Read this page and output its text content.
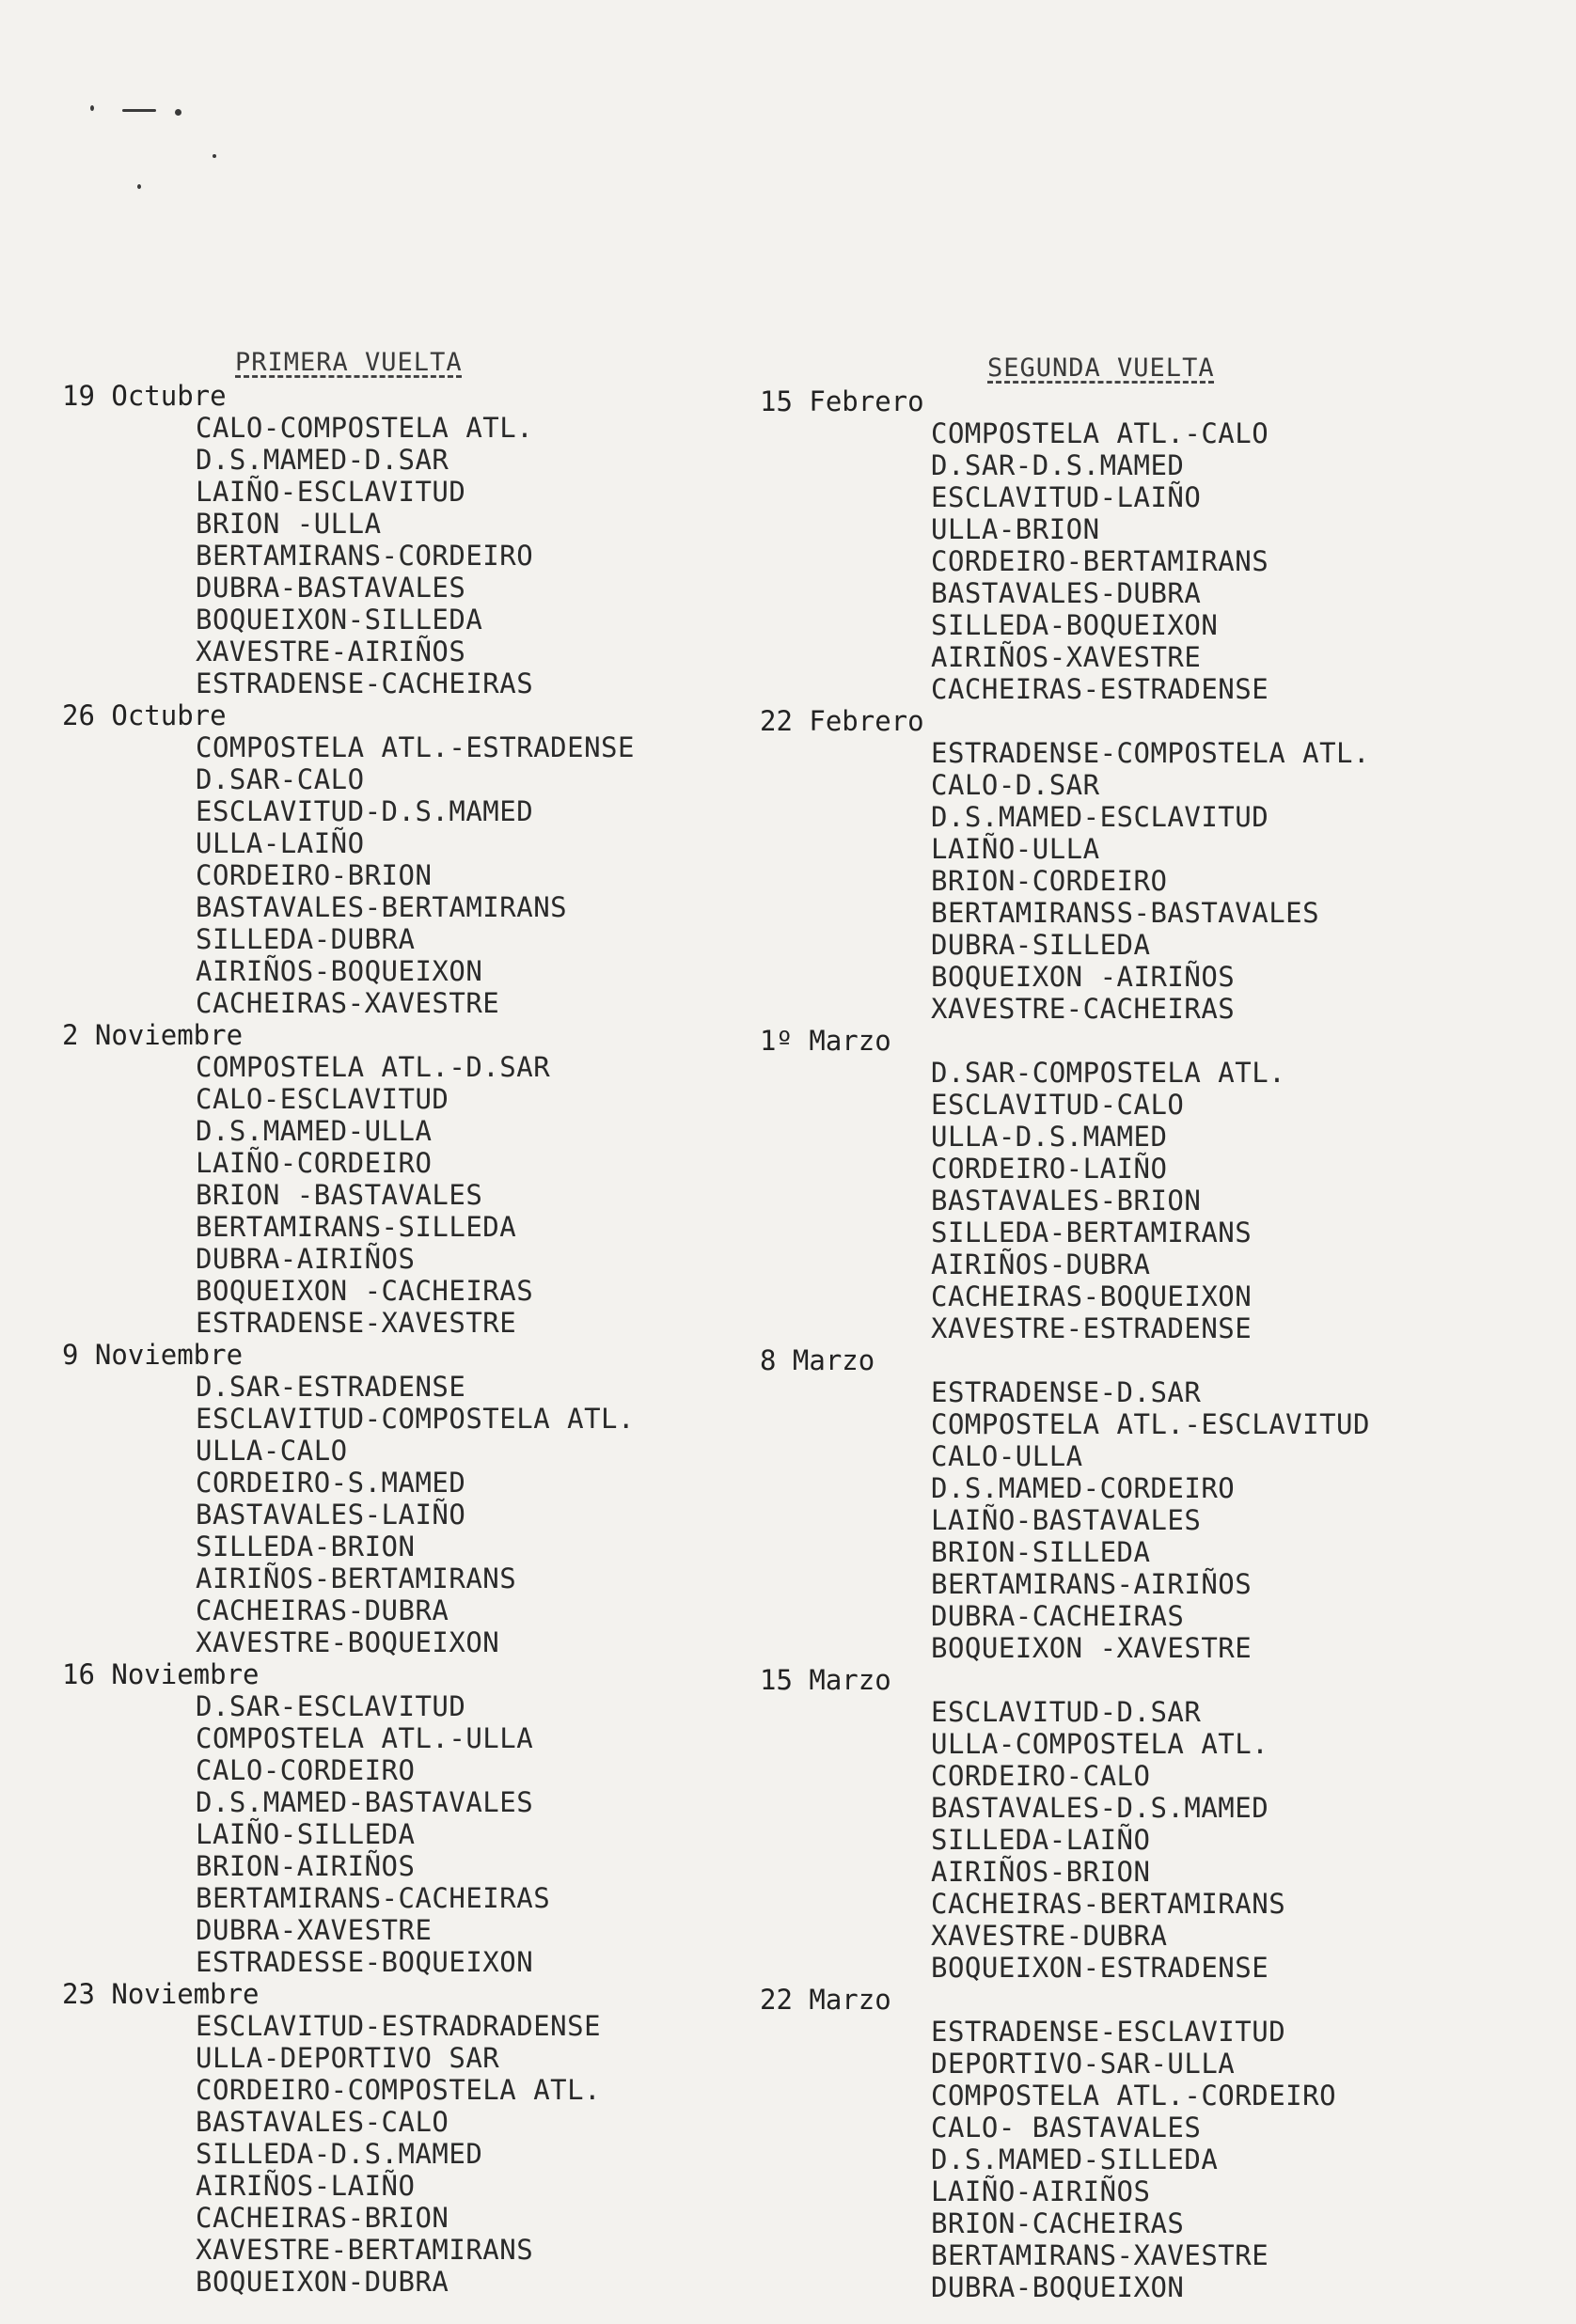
PRIMERA VUELTA
19 Octubre
CALO-COMPOSTELA ATL.
D.S.MAMED-D.SAR
LAIÑO-ESCLAVITUD
BRION -ULLA
BERTAMIRANS-CORDEIRO
DUBRA-BASTAVALES
BOQUEIXON-SILLEDA
XAVESTRE-AIRIÑOS
ESTRADENSE-CACHEIRAS
26 Octubre
COMPOSTELA ATL.-ESTRADENSE
D.SAR-CALO
ESCLAVITUD-D.S.MAMED
ULLA-LAIÑO
CORDEIRO-BRION
BASTAVALES-BERTAMIRANS
SILLEDA-DUBRA
AIRIÑOS-BOQUEIXON
CACHEIRAS-XAVESTRE
2 Noviembre
COMPOSTELA ATL.-D.SAR
CALO-ESCLAVITUD
D.S.MAMED-ULLA
LAIÑO-CORDEIRO
BRION -BASTAVALES
BERTAMIRANS-SILLEDA
DUBRA-AIRIÑOS
BOQUEIXON -CACHEIRAS
ESTRADENSE-XAVESTRE
9 Noviembre
D.SAR-ESTRADENSE
ESCLAVITUD-COMPOSTELA ATL.
ULLA-CALO
CORDEIRO-S.MAMED
BASTAVALES-LAIÑO
SILLEDA-BRION
AIRIÑOS-BERTAMIRANS
CACHEIRAS-DUBRA
XAVESTRE-BOQUEIXON
16 Noviembre
D.SAR-ESCLAVITUD
COMPOSTELA ATL.-ULLA
CALO-CORDEIRO
D.S.MAMED-BASTAVALES
LAIÑO-SILLEDA
BRION-AIRIÑOS
BERTAMIRANS-CACHEIRAS
DUBRA-XAVESTRE
ESTRADESSE-BOQUEIXON
23 Noviembre
ESCLAVITUD-ESTRADRADENSE
ULLA-DEPORTIVO SAR
CORDEIRO-COMPOSTELA ATL.
BASTAVALES-CALO
SILLEDA-D.S.MAMED
AIRIÑOS-LAIÑO
CACHEIRAS-BRION
XAVESTRE-BERTAMIRANS
BOQUEIXON-DUBRA
SEGUNDA VUELTA
15 Febrero
COMPOSTELA ATL.-CALO
D.SAR-D.S.MAMED
ESCLAVITUD-LAIÑO
ULLA-BRION
CORDEIRO-BERTAMIRANS
BASTAVALES-DUBRA
SILLEDA-BOQUEIXON
AIRIÑOS-XAVESTRE
CACHEIRAS-ESTRADENSE
22 Febrero
ESTRADENSE-COMPOSTELA ATL.
CALO-D.SAR
D.S.MAMED-ESCLAVITUD
LAIÑO-ULLA
BRION-CORDEIRO
BERTAMIRANSS-BASTAVALES
DUBRA-SILLEDA
BOQUEIXON -AIRIÑOS
XAVESTRE-CACHEIRAS
1º Marzo
D.SAR-COMPOSTELA ATL.
ESCLAVITUD-CALO
ULLA-D.S.MAMED
CORDEIRO-LAIÑO
BASTAVALES-BRION
SILLEDA-BERTAMIRANS
AIRIÑOS-DUBRA
CACHEIRAS-BOQUEIXON
XAVESTRE-ESTRADENSE
8 Marzo
ESTRADENSE-D.SAR
COMPOSTELA ATL.-ESCLAVITUD
CALO-ULLA
D.S.MAMED-CORDEIRO
LAIÑO-BASTAVALES
BRION-SILLEDA
BERTAMIRANS-AIRIÑOS
DUBRA-CACHEIRAS
BOQUEIXON -XAVESTRE
15 Marzo
ESCLAVITUD-D.SAR
ULLA-COMPOSTELA ATL.
CORDEIRO-CALO
BASTAVALES-D.S.MAMED
SILLEDA-LAIÑO
AIRIÑOS-BRION
CACHEIRAS-BERTAMIRANS
XAVESTRE-DUBRA
BOQUEIXON-ESTRADENSE
22 Marzo
ESTRADENSE-ESCLAVITUD
DEPORTIVO-SAR-ULLA
COMPOSTELA ATL.-CORDEIRO
CALO- BASTAVALES
D.S.MAMED-SILLEDA
LAIÑO-AIRIÑOS
BRION-CACHEIRAS
BERTAMIRANS-XAVESTRE
DUBRA-BOQUEIXON
